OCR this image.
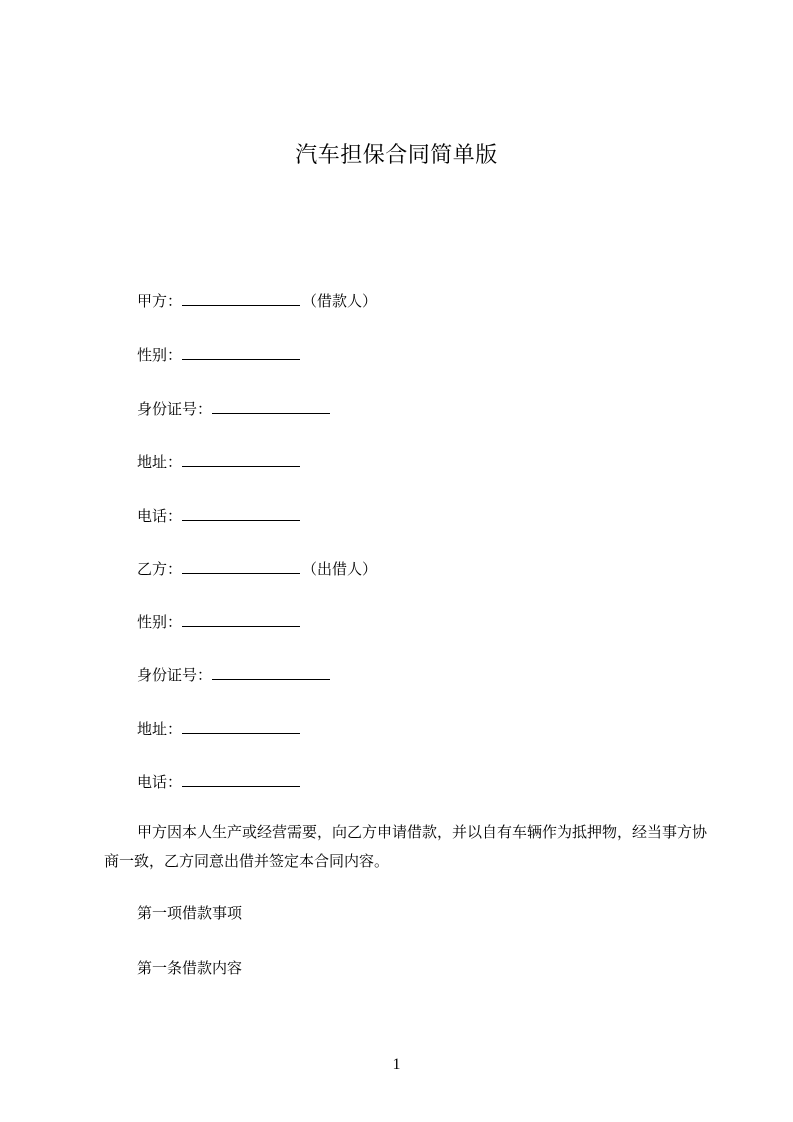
汽车担保合同简单版
甲方：	（借款人）
性别：
身份证号：
地址：
电话：
乙方：	（出借人）
性别：
身份证号：
地址：
电话：
甲方因本人生产或经营需要，向乙方申请借款，并以自有车辆作为抵押物，经当事方协商一致，乙方同意出借并签定本合同内容。
第一项借款事项
第一条借款内容
1
